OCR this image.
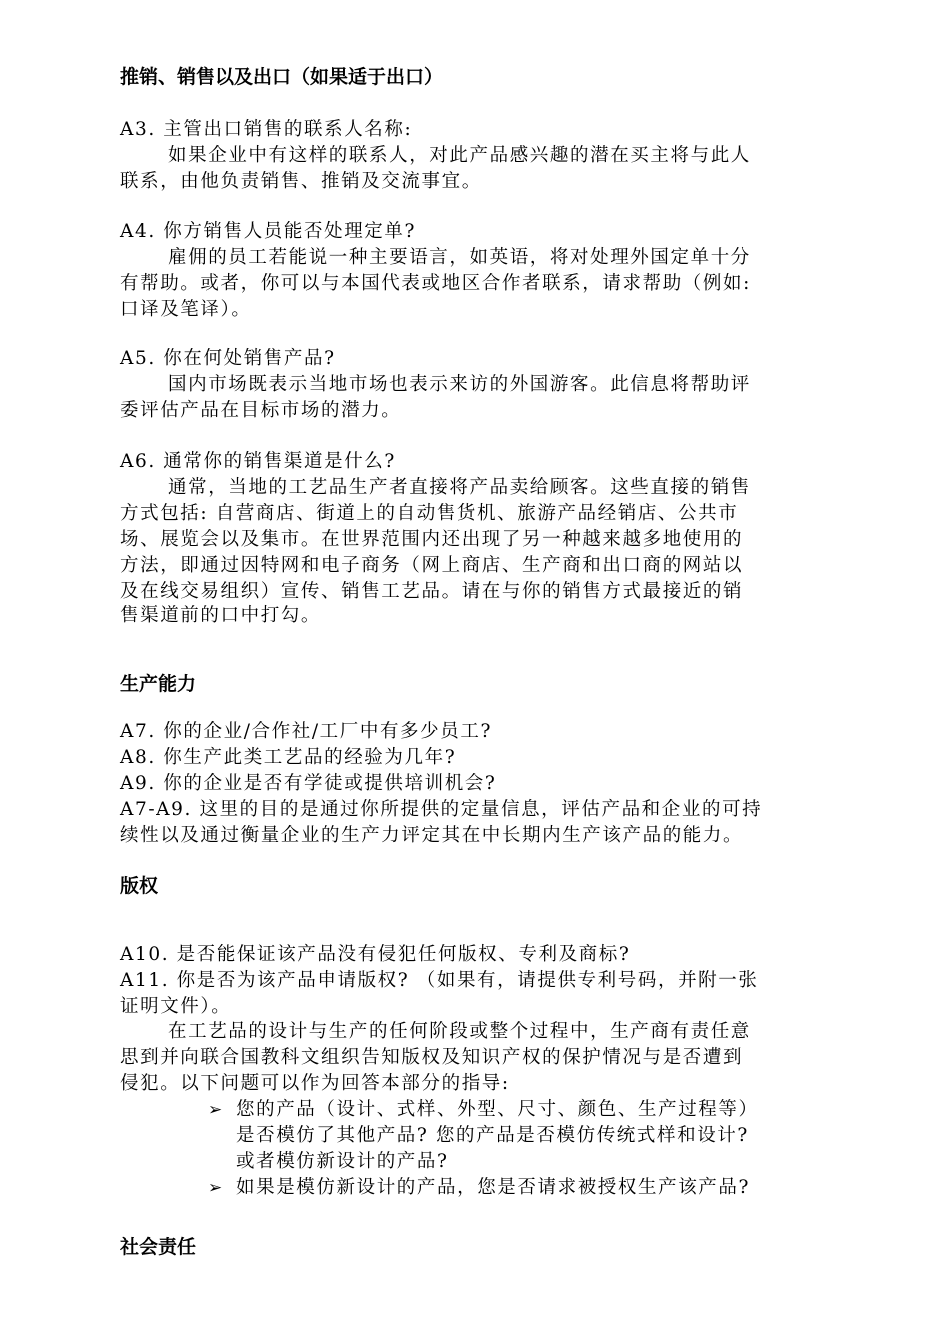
推销、销售以及出口（如果适于出口）
A3. 主管出口销售的联系人名称:
如果企业中有这样的联系人，对此产品感兴趣的潜在买主将与此人
联系，由他负责销售、推销及交流事宜。
A4. 你方销售人员能否处理定单?
雇佣的员工若能说一种主要语言，如英语，将对处理外国定单十分
有帮助。或者，你可以与本国代表或地区合作者联系，请求帮助（例如:
口译及笔译）。
A5. 你在何处销售产品?
国内市场既表示当地市场也表示来访的外国游客。此信息将帮助评
委评估产品在目标市场的潜力。
A6. 通常你的销售渠道是什么?
通常，当地的工艺品生产者直接将产品卖给顾客。这些直接的销售
方式包括: 自营商店、街道上的自动售货机、旅游产品经销店、公共市
场、展览会以及集市。在世界范围内还出现了另一种越来越多地使用的
方法，即通过因特网和电子商务（网上商店、生产商和出口商的网站以
及在线交易组织）宣传、销售工艺品。请在与你的销售方式最接近的销
售渠道前的口中打勾。
生产能力
A7. 你的企业/合作社/工厂中有多少员工?
A8. 你生产此类工艺品的经验为几年?
A9. 你的企业是否有学徒或提供培训机会?
A7-A9. 这里的目的是通过你所提供的定量信息，评估产品和企业的可持
续性以及通过衡量企业的生产力评定其在中长期内生产该产品的能力。
版权
A10. 是否能保证该产品没有侵犯任何版权、专利及商标?
A11. 你是否为该产品申请版权? （如果有，请提供专利号码，并附一张
证明文件）。
在工艺品的设计与生产的任何阶段或整个过程中，生产商有责任意
思到并向联合国教科文组织告知版权及知识产权的保护情况与是否遭到
侵犯。以下问题可以作为回答本部分的指导:
➢ 您的产品（设计、式样、外型、尺寸、颜色、生产过程等）
是否模仿了其他产品? 您的产品是否模仿传统式样和设计?
或者模仿新设计的产品?
➢ 如果是模仿新设计的产品，您是否请求被授权生产该产品?
社会责任
